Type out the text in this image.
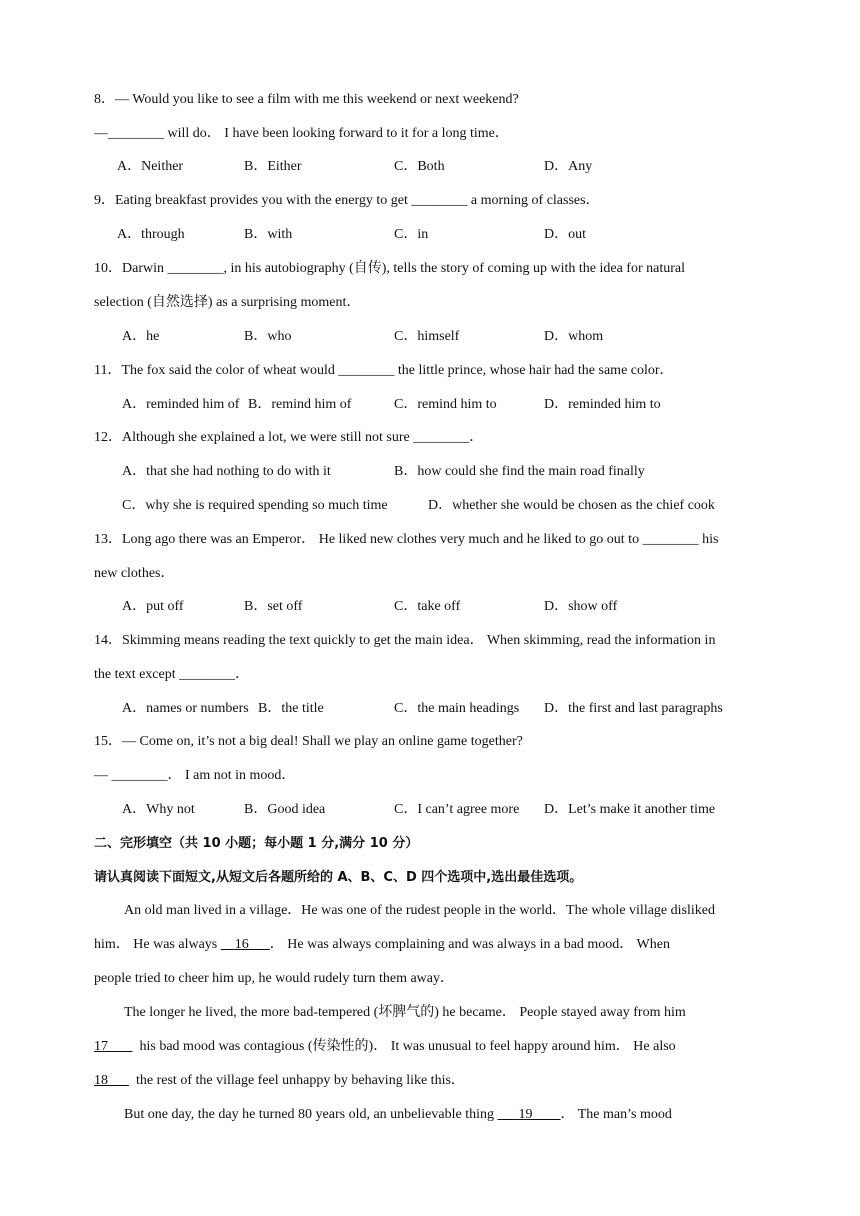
8．— Would you like to see a film with me this weekend or next weekend?
—________ will do． I have been looking forward to it for a long time．
A．Neither	B．Either	C．Both	D．Any
9．Eating breakfast provides you with the energy to get ________ a morning of classes．
A．through	B．with	C．in	D．out
10．Darwin ________, in his autobiography (自传), tells the story of coming up with the idea for natural
selection (自然选择) as a surprising moment．
A．he	B．who	C．himself	D．whom
11．The fox said the color of wheat would ________ the little prince, whose hair had the same color．
A．reminded him of B．remind him of	C．remind him to	D．reminded him to
12．Although she explained a lot, we were still not sure ________．
A．that she had nothing to do with it	B．how could she find the main road finally
C．why she is required spending so much time	D．whether she would be chosen as the chief cook
13．Long ago there was an Emperor． He liked new clothes very much and he liked to go out to ________ his
new clothes．
A．put off	B．set off	C．take off	D．show off
14．Skimming means reading the text quickly to get the main idea． When skimming, read the information in
the text except ________．
A．names or numbers B．the title	C．the main headings D．the first and last paragraphs
15．— Come on, it’s not a big deal! Shall we play an online game together?
— ________． I am not in mood．
A．Why not	B．Good idea	C．I can’t agree more D．Let’s make it another time
二、完形填空（共 10 小题；每小题 1 分,满分 10 分）
请认真阅读下面短文,从短文后各题所给的 A、B、C、D 四个选项中,选出最佳选项。
An old man lived in a village．He was one of the rudest people in the world．The whole village disliked
him． He was always 16 ． He was always complaining and was always in a bad mood． When
people tried to cheer him up, he would rudely turn them away．
The longer he lived, the more bad-tempered (坏脾气的) he became． People stayed away from him
17 his bad mood was contagious (传染性的)． It was unusual to feel happy around him． He also
18 the rest of the village feel unhappy by behaving like this．
But one day, the day he turned 80 years old, an unbelievable thing 19 ． The man’s mood
